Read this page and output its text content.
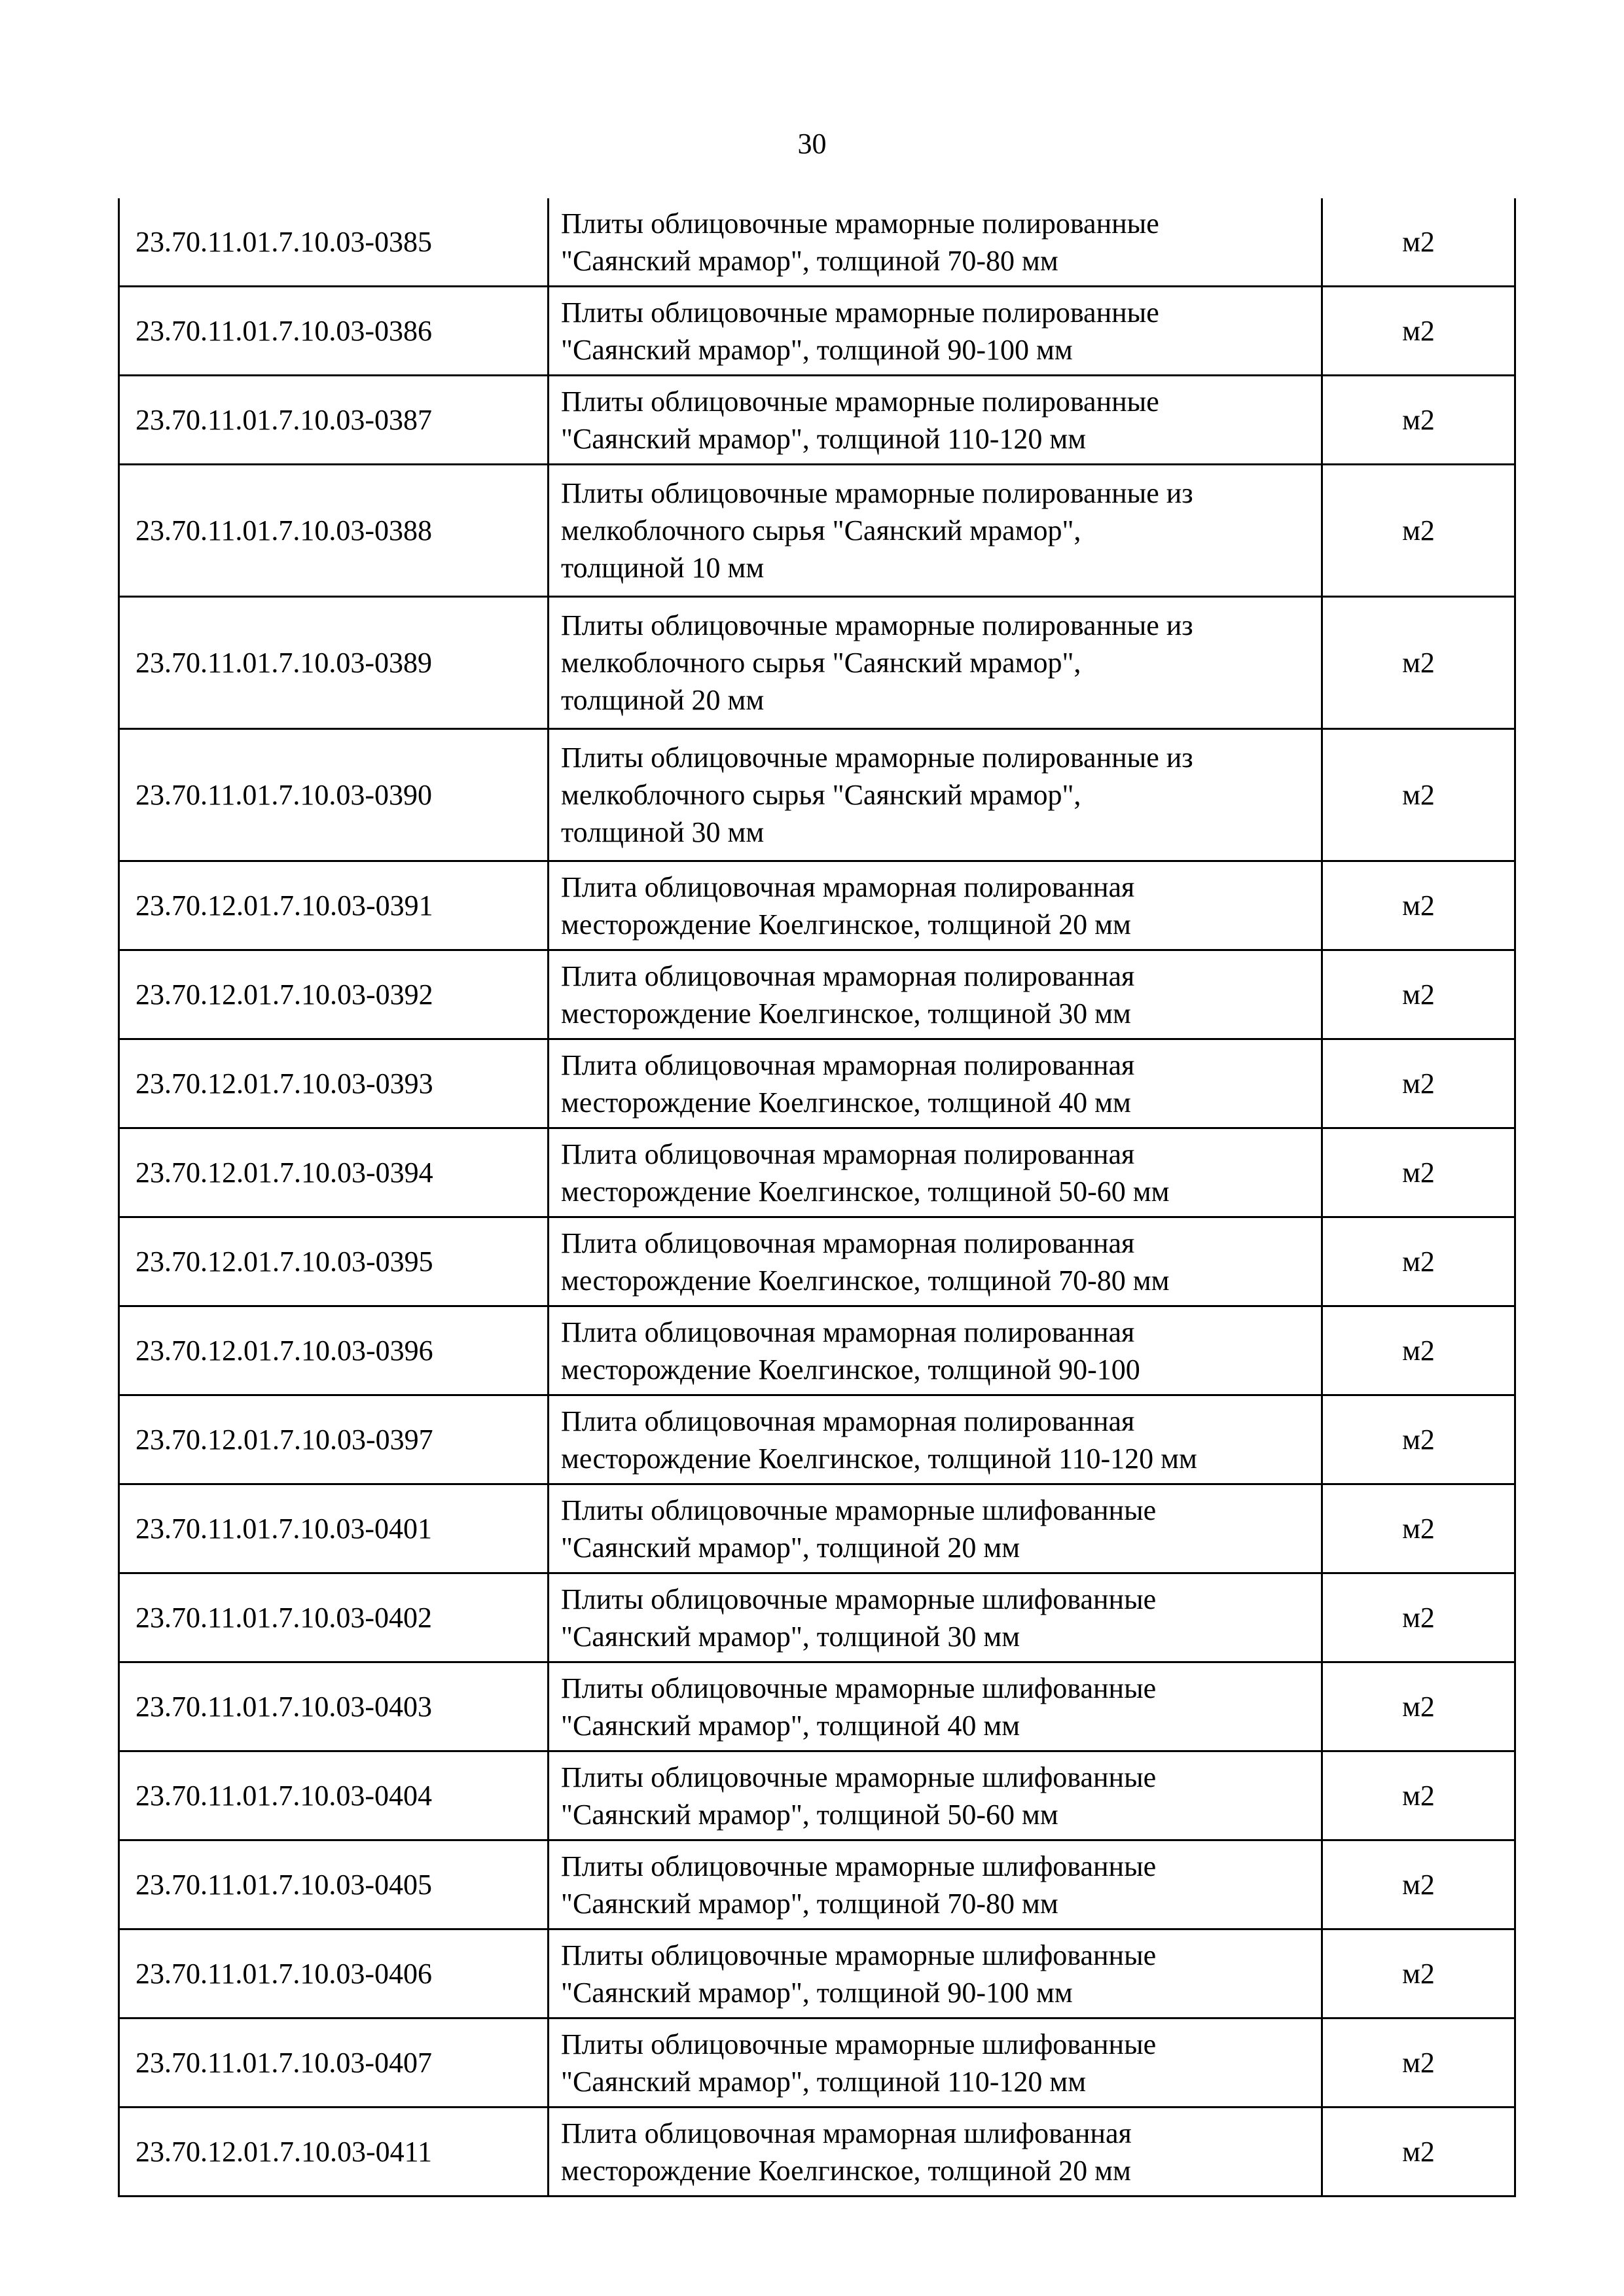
30
23.70.11.01.7.10.03-0385	Плиты облицовочные мраморные полированные
"Саянский мрамор", толщиной 70-80 мм	м2
23.70.11.01.7.10.03-0386	Плиты облицовочные мраморные полированные
"Саянский мрамор", толщиной 90-100 мм	м2
23.70.11.01.7.10.03-0387	Плиты облицовочные мраморные полированные
"Саянский мрамор", толщиной 110-120 мм	м2
23.70.11.01.7.10.03-0388	Плиты облицовочные мраморные полированные из
мелкоблочного сырья "Саянский мрамор",
толщиной 10 мм	м2
23.70.11.01.7.10.03-0389	Плиты облицовочные мраморные полированные из
мелкоблочного сырья "Саянский мрамор",
толщиной 20 мм	м2
23.70.11.01.7.10.03-0390	Плиты облицовочные мраморные полированные из
мелкоблочного сырья "Саянский мрамор",
толщиной 30 мм	м2
23.70.12.01.7.10.03-0391	Плита облицовочная мраморная полированная
месторождение Коелгинское, толщиной 20 мм	м2
23.70.12.01.7.10.03-0392	Плита облицовочная мраморная полированная
месторождение Коелгинское, толщиной 30 мм	м2
23.70.12.01.7.10.03-0393	Плита облицовочная мраморная полированная
месторождение Коелгинское, толщиной 40 мм	м2
23.70.12.01.7.10.03-0394	Плита облицовочная мраморная полированная
месторождение Коелгинское, толщиной 50-60 мм	м2
23.70.12.01.7.10.03-0395	Плита облицовочная мраморная полированная
месторождение Коелгинское, толщиной 70-80 мм	м2
23.70.12.01.7.10.03-0396	Плита облицовочная мраморная полированная
месторождение Коелгинское, толщиной 90-100	м2
23.70.12.01.7.10.03-0397	Плита облицовочная мраморная полированная
месторождение Коелгинское, толщиной 110-120 мм	м2
23.70.11.01.7.10.03-0401	Плиты облицовочные мраморные шлифованные
"Саянский мрамор", толщиной 20 мм	м2
23.70.11.01.7.10.03-0402	Плиты облицовочные мраморные шлифованные
"Саянский мрамор", толщиной 30 мм	м2
23.70.11.01.7.10.03-0403	Плиты облицовочные мраморные шлифованные
"Саянский мрамор", толщиной 40 мм	м2
23.70.11.01.7.10.03-0404	Плиты облицовочные мраморные шлифованные
"Саянский мрамор", толщиной 50-60 мм	м2
23.70.11.01.7.10.03-0405	Плиты облицовочные мраморные шлифованные
"Саянский мрамор", толщиной 70-80 мм	м2
23.70.11.01.7.10.03-0406	Плиты облицовочные мраморные шлифованные
"Саянский мрамор", толщиной 90-100 мм	м2
23.70.11.01.7.10.03-0407	Плиты облицовочные мраморные шлифованные
"Саянский мрамор", толщиной 110-120 мм	м2
23.70.12.01.7.10.03-0411	Плита облицовочная мраморная шлифованная
месторождение Коелгинское, толщиной 20 мм	м2
